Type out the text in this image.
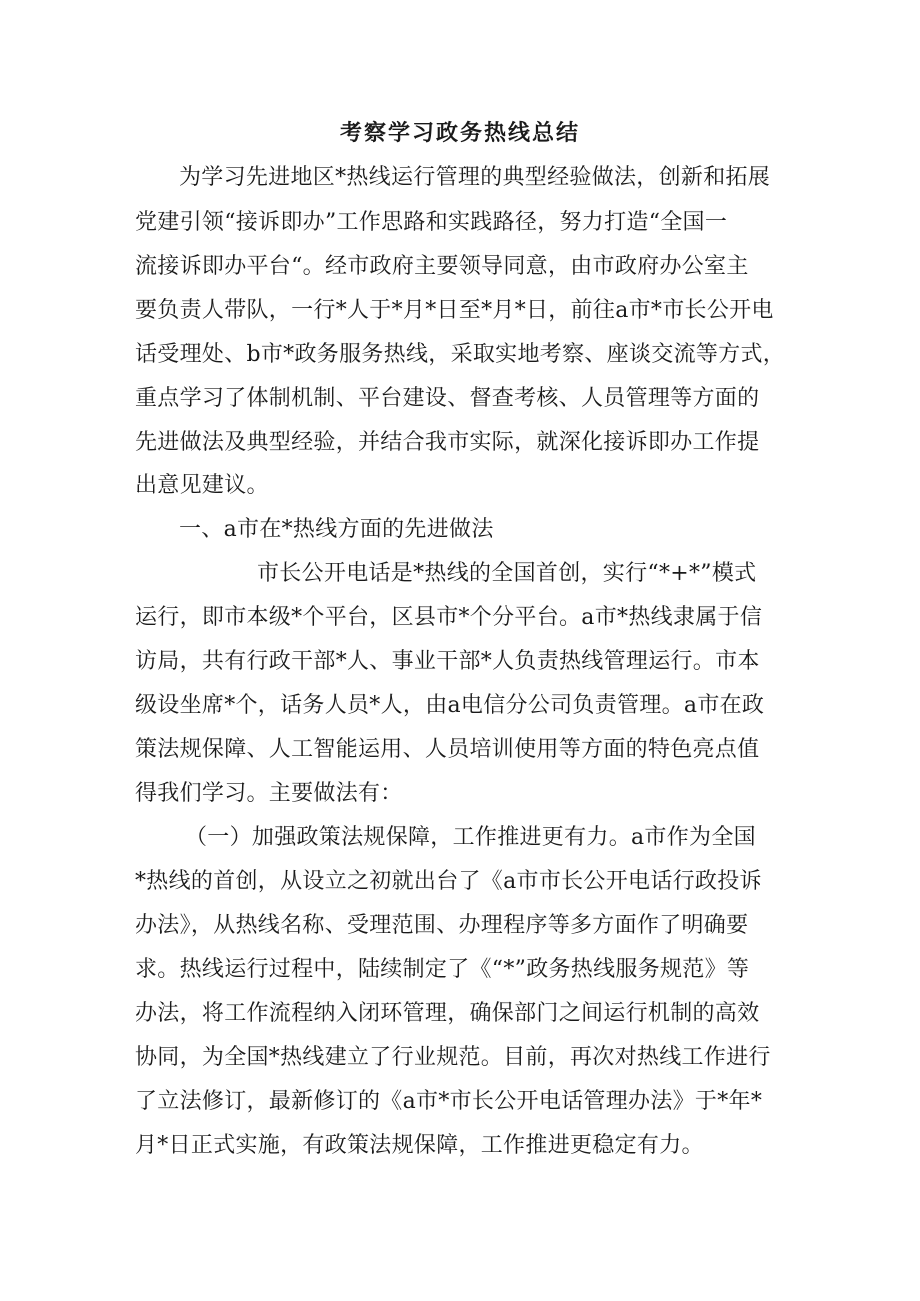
考察学习政务热线总结
为学习先进地区*热线运行管理的典型经验做法，创新和拓展
党建引领“接诉即办”工作思路和实践路径，努力打造“全国一
流接诉即办平台“。经市政府主要领导同意，由市政府办公室主
要负责人带队，一行*人于*月*日至*月*日，前往a市*市长公开电
话受理处、b市*政务服务热线，采取实地考察、座谈交流等方式，
重点学习了体制机制、平台建设、督查考核、人员管理等方面的
先进做法及典型经验，并结合我市实际，就深化接诉即办工作提
出意见建议。
一、a市在*热线方面的先进做法
市长公开电话是*热线的全国首创，实行“*+*”模式
运行，即市本级*个平台，区县市*个分平台。a市*热线隶属于信
访局，共有行政干部*人、事业干部*人负责热线管理运行。市本
级设坐席*个，话务人员*人，由a电信分公司负责管理。a市在政
策法规保障、人工智能运用、人员培训使用等方面的特色亮点值
得我们学习。主要做法有：
（一）加强政策法规保障，工作推进更有力。a市作为全国
*热线的首创，从设立之初就出台了《a市市长公开电话行政投诉
办法》，从热线名称、受理范围、办理程序等多方面作了明确要
求。热线运行过程中，陆续制定了《“*”政务热线服务规范》等
办法，将工作流程纳入闭环管理，确保部门之间运行机制的高效
协同，为全国*热线建立了行业规范。目前，再次对热线工作进行
了立法修订，最新修订的《a市*市长公开电话管理办法》于*年*
月*日正式实施，有政策法规保障，工作推进更稳定有力。
